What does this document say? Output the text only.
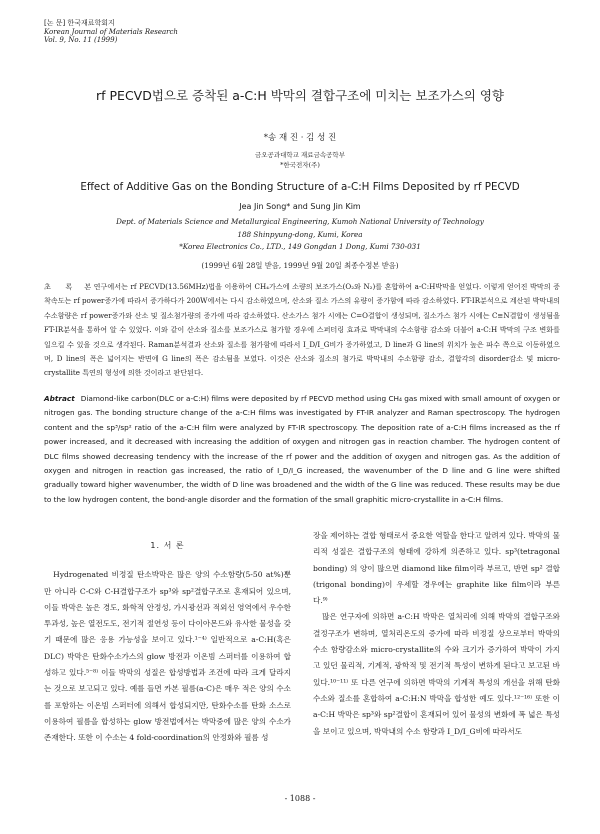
[논 문] 한국재료학회지
Korean Journal of Materials Research
Vol. 9, No. 11 (1999)
rf PECVD법으로 증착된 a-C:H 박막의 결합구조에 미치는 보조가스의 영향
*송 재 진 · 김 성 진
금오공과대학교 재료금속공학부
*한국전자(주)
Effect of Additive Gas on the Bonding Structure of a-C:H Films Deposited by rf PECVD
Jea Jin Song* and Sung Jin Kim
Dept. of Materials Science and Metallurgical Engineering, Kumoh National University of Technology
188 Shinpyung-dong, Kumi, Korea
*Korea Electronics Co., LTD., 149 Gongdan 1 Dong, Kumi 730-031
(1999년 6월 28일 받음, 1999년 9월 20일 최종수정본 받음)
초 록 본 연구에서는 rf PECVD(13.56MHz)법을 이용하여 CH₄가스에 소량의 보조가스(O₂와 N₂)를 혼합하여 a-C:H박막을 얻었다. 이렇게 얻어진 박막의 증착속도는 rf power증가에 따라서 증가하다가 200W에서는 다시 감소하였으며, 산소와 질소 가스의 유량이 증가함에 따라 감소하였다. FT-IR분석으로 계산된 박막내의 수소함량은 rf power증가와 산소 및 질소첨가량의 증가에 따라 감소하였다. 산소가스 첨가 시에는 C=O결합이 생성되며, 질소가스 첨가 시에는 C≡N결합이 생성됨을 FT-IR분석을 통하여 알 수 있었다. 이와 같이 산소와 질소를 보조가스로 첨가할 경우에 스퍼터링 효과로 박막내의 수소함량 감소와 더불어 a-C:H 박막의 구조 변화를 일으킬 수 있을 것으로 생각된다. Raman분석결과 산소와 질소를 첨가함에 따라서 I_D/I_G비가 증가하였고, D line과 G line의 위치가 높은 파수 쪽으로 이동하였으며, D line의 폭은 넓어지는 반면에 G line의 폭은 감소됨을 보였다. 이것은 산소와 질소의 첨가로 박막내의 수소함량 감소, 결합각의 disorder감소 및 micro-crystallite 특연의 형성에 의한 것이라고 판단된다.
Abtract Diamond-like carbon(DLC or a-C:H) films were deposited by rf PECVD method using CH₄ gas mixed with small amount of oxygen or nitrogen gas. The bonding structure change of the a-C:H films was investigated by FT-IR analyzer and Raman spectroscopy. The hydrogen content and the sp³/sp² ratio of the a-C:H film were analyzed by FT-IR spectroscopy. The deposition rate of a-C:H films increased as the rf power increased, and it decreased with increasing the addition of oxygen and nitrogen gas in reaction chamber. The hydrogen content of DLC films showed decreasing tendency with the increase of the rf power and the addition of oxygen and nitrogen gas. As the addition of oxygen and nitrogen in reaction gas increased, the ratio of I_D/I_G increased, the wavenumber of the D line and G line were shifted gradually toward higher wavenumber, the width of D line was broadened and the width of the G line was reduced. These results may be due to the low hydrogen content, the bond-angle disorder and the formation of the small graphitic micro-crystallite in a-C:H films.
1. 서 론

Hydrogenated 비정질 탄소박막은 많은 양의 수소함량(5-50 at%)뿐만 아니라 C-C와 C-H결합구조가 sp³와 sp²결합구조로 혼재되어 있으며, 이들 박막은 높은 경도, 화학적 안정성, 가시광선과 적외선 영역에서 우수한 투과성, 높은 열전도도, 전기적 절연성 등이 다이아몬드와 유사한 물성을 갖기 때문에 많은 응용 가능성을 보이고 있다.¹⁻⁴⁾ 일반적으로 a-C:H(혹은 DLC) 박막은 탄화수소가스의 glow 방전과 이온빔 스퍼터를 이용하여 합성하고 있다.⁵⁻⁸⁾ 이들 박막의 성질은 합성방법과 조건에 따라 크게 달라지는 것으로 보고되고 있다. 예를 들면 카본 필름(a-C)은 매우 적은 양의 수소를 포함하는 이온빔 스퍼터에 의해서 합성되지만, 탄화수소를 탄화 소스로 이용하여 필름을 합성하는 glow 방전법에서는 박막중에 많은 양의 수소가 존재한다. 또한 이 수소는 4 fold-coordination의 안정화와 필름 성

장을 제어하는 결합 형태로서 중요한 역할을 한다고 알려져 있다. 박막의 물리적 성질은 결합구조의 형태에 강하게 의존하고 있다. sp³(tetragonal bonding) 의 양이 많으면 diamond like film이라 부르고, 반면 sp² 결합(trigonal bonding)이 우세할 경우에는 graphite like film이라 부른다.⁹⁾

많은 연구자에 의하면 a-C:H 박막은 열처리에 의해 박막의 결합구조와 결정구조가 변하며, 열처리온도의 증가에 따라 비정질 상으로부터 박막의 수소 함량감소와 micro-crystallite의 수와 크기가 증가하여 박막이 가지고 있던 물리적, 기계적, 광학적 및 전기적 특성이 변하게 된다고 보고된 바 있다.¹⁰⁻¹¹⁾ 또 다른 연구에 의하면 박막의 기계적 특성의 개선을 위해 탄화수소와 질소를 혼합하여 a-C:H:N 박막을 합성한 예도 있다.¹²⁻¹⁶⁾ 또한 이 a-C:H 박막은 sp³와 sp²결합이 혼재되어 있어 물성의 변화에 폭 넓은 특성을 보이고 있으며, 박막내의 수소 함량과 I_D/I_G비에 따라서도

- 1088 -
